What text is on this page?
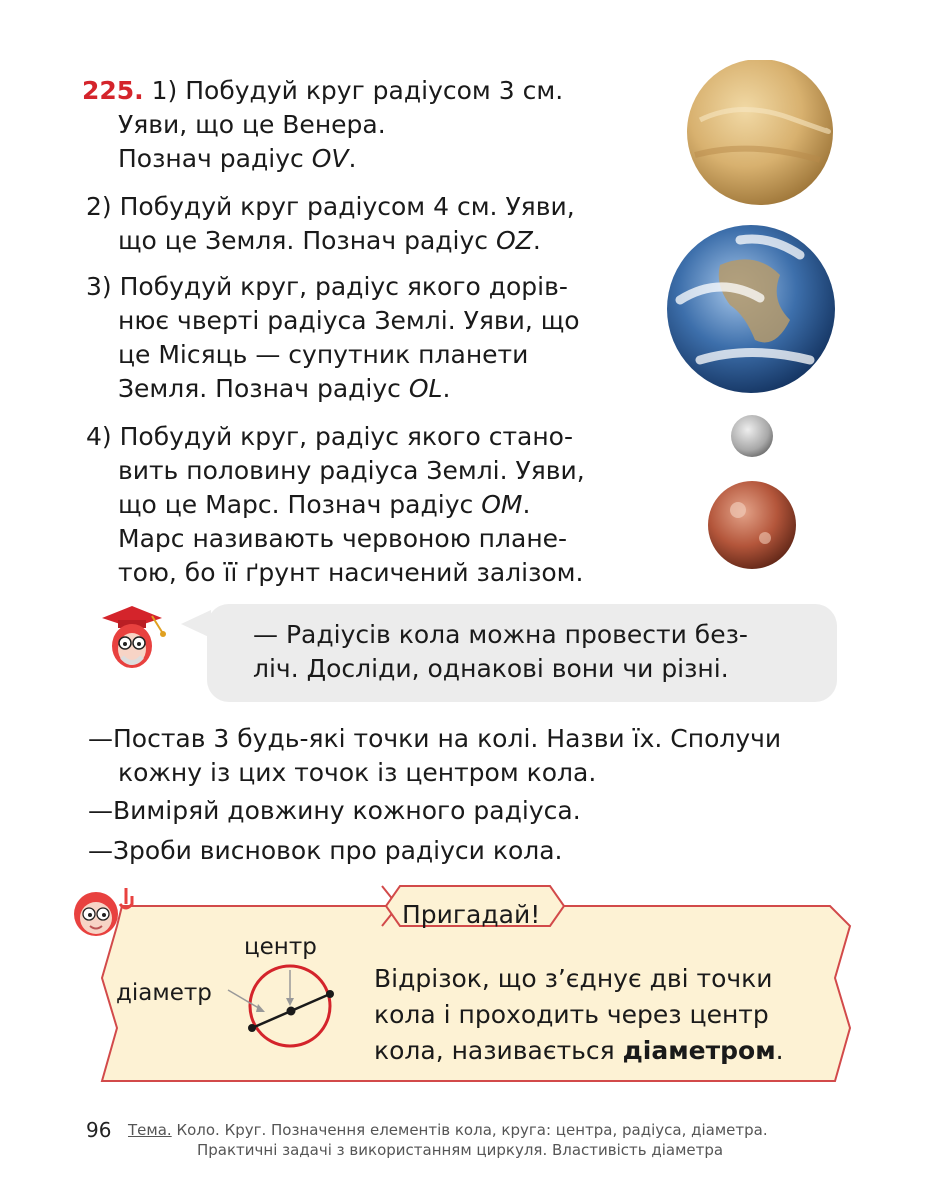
225. 1) Побудуй круг радіусом 3 см.
Уяви, що це Венера.
Познач радіус OV.
2) Побудуй круг радіусом 4 см. Уяви,
що це Земля. Познач радіус OZ.
3) Побудуй круг, радіус якого дорів-
нює чверті радіуса Землі. Уяви, що
це Місяць — супутник планети
Земля. Познач радіус OL.
4) Побудуй круг, радіус якого стано-
вить половину радіуса Землі. Уяви,
що це Марс. Познач радіус OM.
Марс називають червоною плане-
тою, бо її ґрунт насичений залізом.
— Радіусів кола можна провести без-
ліч. Досліди, однакові вони чи різні.
—Постав 3 будь-які точки на колі. Назви їх. Сполучи
кожну із цих точок із центром кола.
—Виміряй довжину кожного радіуса.
—Зроби висновок про радіуси кола.
Пригадай!
центр
діаметр	Відрізок, що з’єднує дві точки
кола і проходить через центр
кола, називається діаметром.
96 Тема. Коло. Круг. Позначення елементів кола, круга: центра, радіуса, діаметра.
Практичні задачі з використанням циркуля. Властивість діаметра
